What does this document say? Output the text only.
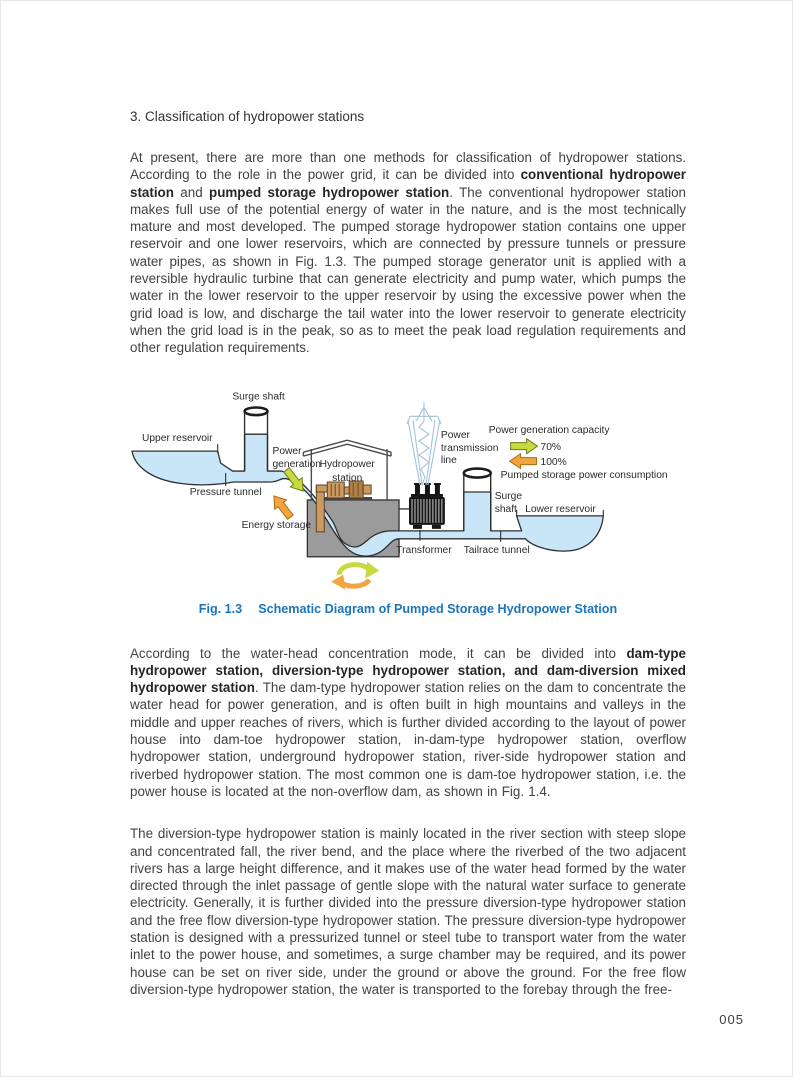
3. Classification of hydropower stations

At present, there are more than one methods for classification of hydropower stations. According to the role in the power grid, it can be divided into conventional hydropower station and pumped storage hydropower station. The conventional hydropower station makes full use of the potential energy of water in the nature, and is the most technically mature and most developed. The pumped storage hydropower station contains one upper reservoir and one lower reservoirs, which are connected by pressure tunnels or pressure water pipes, as shown in Fig. 1.3. The pumped storage generator unit is applied with a reversible hydraulic turbine that can generate electricity and pump water, which pumps the water in the lower reservoir to the upper reservoir by using the excessive power when the grid load is low, and discharge the tail water into the lower reservoir to generate electricity when the grid load is in the peak, so as to meet the peak load regulation requirements and other regulation requirements.

Power generation capacity
70%
100%
Pumped storage power consumption
Surge shaft
Upper reservoir
Pressure tunnel
Power
generation
Energy storage
Hydropower
station
Power
transmission
line
Surge
shaft Lower reservoir
Transformer Tailrace tunnel
Fig. 1.3 Schematic Diagram of Pumped Storage Hydropower Station

According to the water-head concentration mode, it can be divided into dam-type hydropower station, diversion-type hydropower station, and dam-diversion mixed hydropower station. The dam-type hydropower station relies on the dam to concentrate the water head for power generation, and is often built in high mountains and valleys in the middle and upper reaches of rivers, which is further divided according to the layout of power house into dam-toe hydropower station, in-dam-type hydropower station, overflow hydropower station, underground hydropower station, river-side hydropower station and riverbed hydropower station. The most common one is dam-toe hydropower station, i.e. the power house is located at the non-overflow dam, as shown in Fig. 1.4.

The diversion-type hydropower station is mainly located in the river section with steep slope and concentrated fall, the river bend, and the place where the riverbed of the two adjacent rivers has a large height difference, and it makes use of the water head formed by the water directed through the inlet passage of gentle slope with the natural water surface to generate electricity. Generally, it is further divided into the pressure diversion-type hydropower station and the free flow diversion-type hydropower station. The pressure diversion-type hydropower station is designed with a pressurized tunnel or steel tube to transport water from the water inlet to the power house, and sometimes, a surge chamber may be required, and its power house can be set on river side, under the ground or above the ground. For the free flow diversion-type hydropower station, the water is transported to the forebay through the free-

005
